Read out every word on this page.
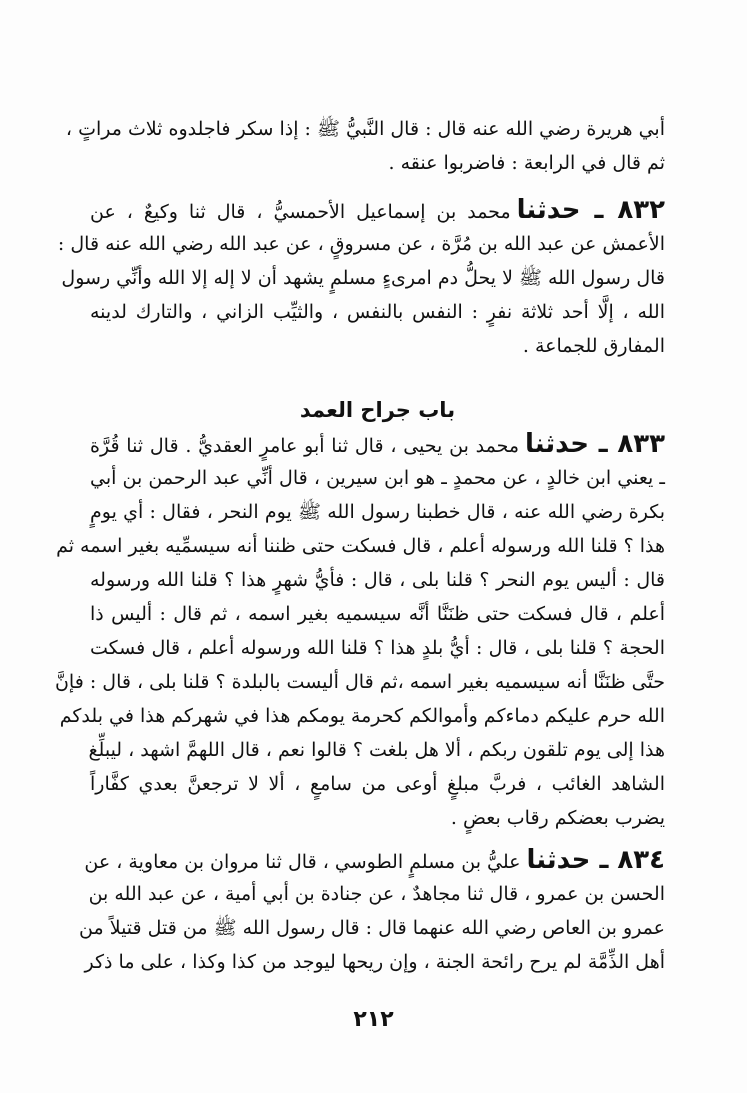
أبي هريرة رضي الله عنه قال : قال النَّبيُّ ﷺ : إذا سكر فاجلدوه ثلاث مراتٍ ،
ثم قال في الرابعة : فاضربوا عنقه .
٨٣٢ ـ حدثنامحمد بن إسماعيل الأحمسيُّ ، قال ثنا وكيعٌ ، عن
الأعمش عن عبد الله بن مُرَّة ، عن مسروقٍ ، عن عبد الله رضي الله عنه قال :
قال رسول الله ﷺ لا يحلُّ دم امرىءٍ مسلمٍ يشهد أن لا إله إلا الله وأنِّي رسول
الله ، إلَّا أحد ثلاثة نفرٍ : النفس بالنفس ، والثيِّب الزاني ، والتارك لدينه
المفارق للجماعة .
باب جراح العمد
٨٣٣ ـ حدثنامحمد بن يحيى ، قال ثنا أبو عامرٍ العقديُّ . قال ثنا قُرَّة
ـ يعني ابن خالدٍ ، عن محمدٍ ـ هو ابن سيرين ، قال أنِّي عبد الرحمن بن أبي
بكرة رضي الله عنه ، قال خطبنا رسول الله ﷺ يوم النحر ، فقال : أي يومٍ
هذا ؟ قلنا الله ورسوله أعلم ، قال فسكت حتى ظننا أنه سيسمِّيه بغير اسمه ثم
قال : أليس يوم النحر ؟ قلنا بلى ، قال : فأيُّ شهرٍ هذا ؟ قلنا الله ورسوله
أعلم ، قال فسكت حتى ظنَنَّا أنَّه سيسميه بغير اسمه ، ثم قال : أليس ذا
الحجة ؟ قلنا بلى ، قال : أيُّ بلدٍ هذا ؟ قلنا الله ورسوله أعلم ، قال فسكت
حتَّى ظنَنَّا أنه سيسميه بغير اسمه ،ثم قال أليست بالبلدة ؟ قلنا بلى ، قال : فإنَّ
الله حرم عليكم دماءكم وأموالكم كحرمة يومكم هذا في شهركم هذا في بلدكم
هذا إلى يوم تلقون ربكم ، ألا هل بلغت ؟ قالوا نعم ، قال اللهمَّ اشهد ، ليبلِّغ
الشاهد الغائب ، فربَّ مبلغٍ أوعى من سامعٍ ، ألا لا ترجعنَّ بعدي كفَّاراً
يضرب بعضكم رقاب بعضٍ .
٨٣٤ ـ حدثناعليُّ بن مسلمٍ الطوسي ، قال ثنا مروان بن معاوية ، عن
الحسن بن عمرو ، قال ثنا مجاهدٌ ، عن جنادة بن أبي أمية ، عن عبد الله بن
عمرو بن العاص رضي الله عنهما قال : قال رسول الله ﷺ من قتل قتيلاً من
أهل الذِّمَّة لم يرح رائحة الجنة ، وإن ريحها ليوجد من كذا وكذا ، على ما ذكر
٢١٢
